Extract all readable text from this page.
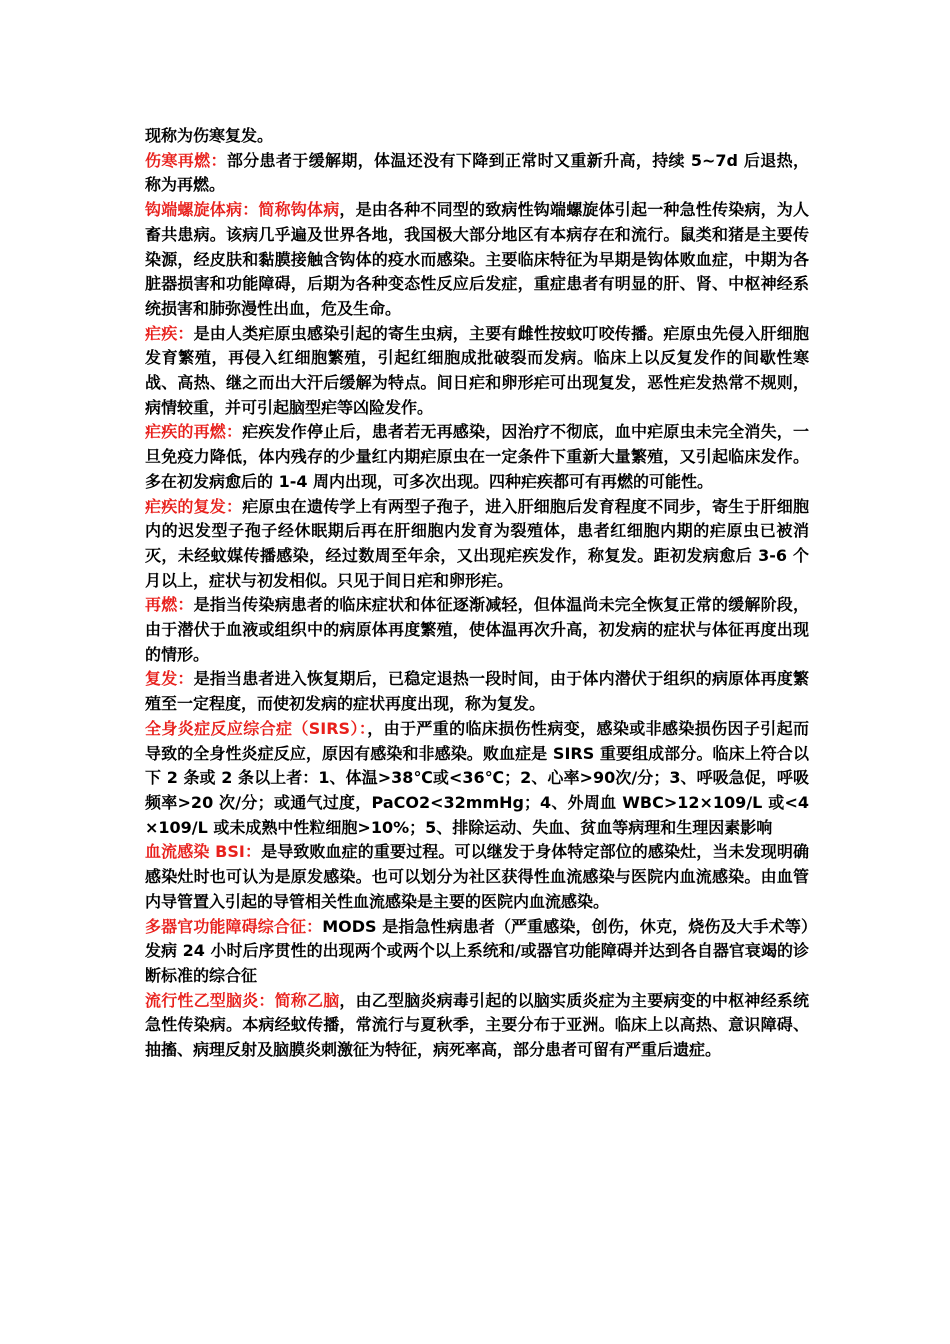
现称为伤寒复发。

伤寒再燃：部分患者于缓解期，体温还没有下降到正常时又重新升高，持续 5~7d 后退热，称为再燃。

钩端螺旋体病：简称钩体病，是由各种不同型的致病性钩端螺旋体引起一种急性传染病，为人畜共患病。该病几乎遍及世界各地，我国极大部分地区有本病存在和流行。鼠类和猪是主要传染源，经皮肤和黏膜接触含钩体的疫水而感染。主要临床特征为早期是钩体败血症，中期为各脏器损害和功能障碍，后期为各种变态性反应后发症，重症患者有明显的肝、肾、中枢神经系统损害和肺弥漫性出血，危及生命。

疟疾：是由人类疟原虫感染引起的寄生虫病，主要有雌性按蚊叮咬传播。疟原虫先侵入肝细胞发育繁殖，再侵入红细胞繁殖，引起红细胞成批破裂而发病。临床上以反复发作的间歇性寒战、高热、继之而出大汗后缓解为特点。间日疟和卵形疟可出现复发，恶性疟发热常不规则，病情较重，并可引起脑型疟等凶险发作。

疟疾的再燃：疟疾发作停止后，患者若无再感染，因治疗不彻底，血中疟原虫未完全消失，一旦免疫力降低，体内残存的少量红内期疟原虫在一定条件下重新大量繁殖，又引起临床发作。多在初发病愈后的 1-4 周内出现，可多次出现。四种疟疾都可有再燃的可能性。

疟疾的复发：疟原虫在遗传学上有两型子孢子，进入肝细胞后发育程度不同步，寄生于肝细胞内的迟发型子孢子经休眠期后再在肝细胞内发育为裂殖体，患者红细胞内期的疟原虫已被消灭，未经蚊媒传播感染，经过数周至年余，又出现疟疾发作，称复发。距初发病愈后 3-6 个月以上，症状与初发相似。只见于间日疟和卵形疟。

再燃：是指当传染病患者的临床症状和体征逐渐减轻，但体温尚未完全恢复正常的缓解阶段，由于潜伏于血液或组织中的病原体再度繁殖，使体温再次升高，初发病的症状与体征再度出现的情形。

复发：是指当患者进入恢复期后，已稳定退热一段时间，由于体内潜伏于组织的病原体再度繁殖至一定程度，而使初发病的症状再度出现，称为复发。

全身炎症反应综合症（SIRS）：，由于严重的临床损伤性病变，感染或非感染损伤因子引起而导致的全身性炎症反应，原因有感染和非感染。败血症是 SIRS 重要组成部分。临床上符合以下 2 条或 2 条以上者：1、体温>38℃或<36℃；2、心率>90次/分；3、呼吸急促，呼吸频率>20 次/分；或通气过度，PaCO2<32mmHg；4、外周血 WBC>12×109/L 或<4×109/L 或未成熟中性粒细胞>10%；5、排除运动、失血、贫血等病理和生理因素影响

血流感染 BSI：是导致败血症的重要过程。可以继发于身体特定部位的感染灶，当未发现明确感染灶时也可认为是原发感染。也可以划分为社区获得性血流感染与医院内血流感染。由血管内导管置入引起的导管相关性血流感染是主要的医院内血流感染。

多器官功能障碍综合征：MODS 是指急性病患者（严重感染，创伤，休克，烧伤及大手术等）发病 24 小时后序贯性的出现两个或两个以上系统和/或器官功能障碍并达到各自器官衰竭的诊断标准的综合征

流行性乙型脑炎：简称乙脑，由乙型脑炎病毒引起的以脑实质炎症为主要病变的中枢神经系统急性传染病。本病经蚊传播，常流行与夏秋季，主要分布于亚洲。临床上以高热、意识障碍、抽搐、病理反射及脑膜炎刺激征为特征，病死率高，部分患者可留有严重后遗症。
